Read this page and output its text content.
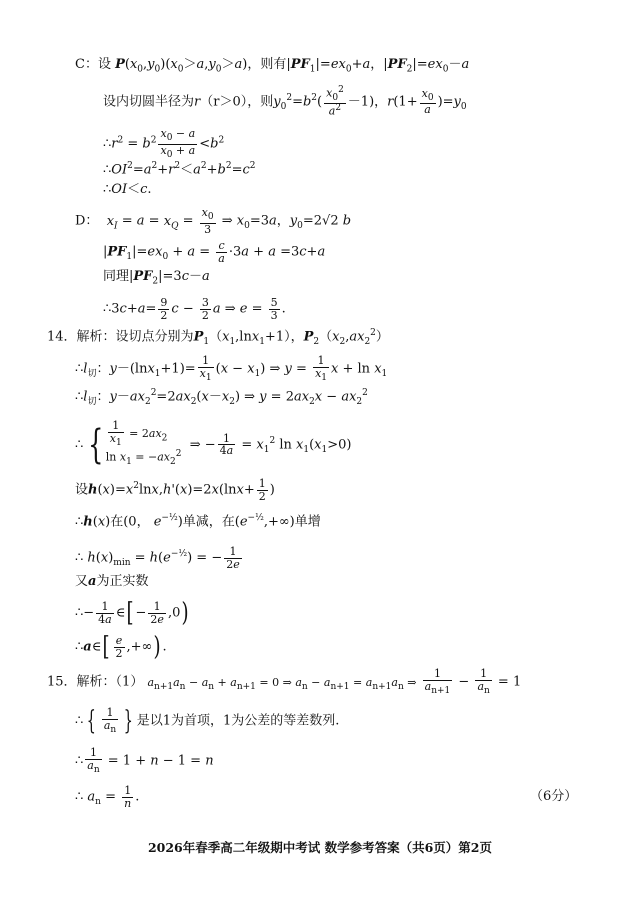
C：设 $P(x_0,y_0)(x_0>a,y_0>a)$，则有$|PF_1|=ex_0+a$，$|PF_2|=ex_0-a$
设内切圆半径为r（r＞0），则$y_0^2=b^2( \frac{x_0^2}{a^2} -1)$，$r(1+ \frac{x_0}{a} )=y_0$
$\therefore r^2 = b^2 \frac{x_0 - a}{x_0 + a} <b^2$
$\therefore OI^2=a^2+r^2<a^2+b^2=c^2$
∴OI＜c.
D： $x_I = a = x_Q = \frac{x_0}{3}$ ⇒ $x_0=3a$，$y_0=2√2$ b
$|PF_1|=ex_0 + a = \frac{c}{a} \cdot 3a + a =3c+a$
同理$|PF_2|=3c-a$
∴3c+a= $\frac{9}{2}$ $c - \frac{3}{2}$ a ⇒ $e = \frac{5}{3}$ .
14．解析：设切点分别为$P_1(x_1,\ln x_1+1)$，$P_2(x_2,ax_2^2)$
$\therefore l_切$：$y-(\ln x_1+1)= \frac{1}{x_1} (x - x_1)$ ⇒ $y = \frac{1}{x_1}$ $x + \ln x_1$
$\therefore l_切$：$y-ax_2^2=2ax_2(x-x_2)$ ⇒ $y = 2ax_2x - ax_2^2$
∴ { $\frac{1}{x_1} = 2ax_2$
$\ln x_1 = -ax_2^2$  ⇒ − $\frac{1}{4a} = x_1^2$ $\ln x_1(x_1>0)$
设$h(x)=x^2\ln x,h'(x)=2x(\ln x+ \frac{1}{2}$ )
∴h(x)在(0， $e^{-\frac{1}{2}}$)单减，在$(e^{-\frac{1}{2}},+\infty)$单增
∴ $h(x)_{min} = h(e^{-\frac{1}{2}})$ = − $\frac{1}{2e}$
又a为正实数
∴− $\frac{1}{4a}$ ∈[ − $\frac{1}{2e} ,0$)
∴a∈[ $\frac{e}{2}$ ,+∞) .
15．解析：（1） $a_{n+1}a_n - a_n + a_{n+1} = 0$ ⇒ $a_n - a_{n+1} = a_{n+1}a_n$ ⇒ $\frac{1}{a_{n+1}} - \frac{1}{a_n} = 1$
∴ { $\frac{1}{a_n}$ } 是以1为首项，1为公差的等差数列.
∴ $\frac{1}{a_n} = 1 + n - 1 = n$
∴ $a_n = \frac{1}{n}$ .	（6分）
2026年春季高二年级期中考试 数学参考答案（共6页）第2页
